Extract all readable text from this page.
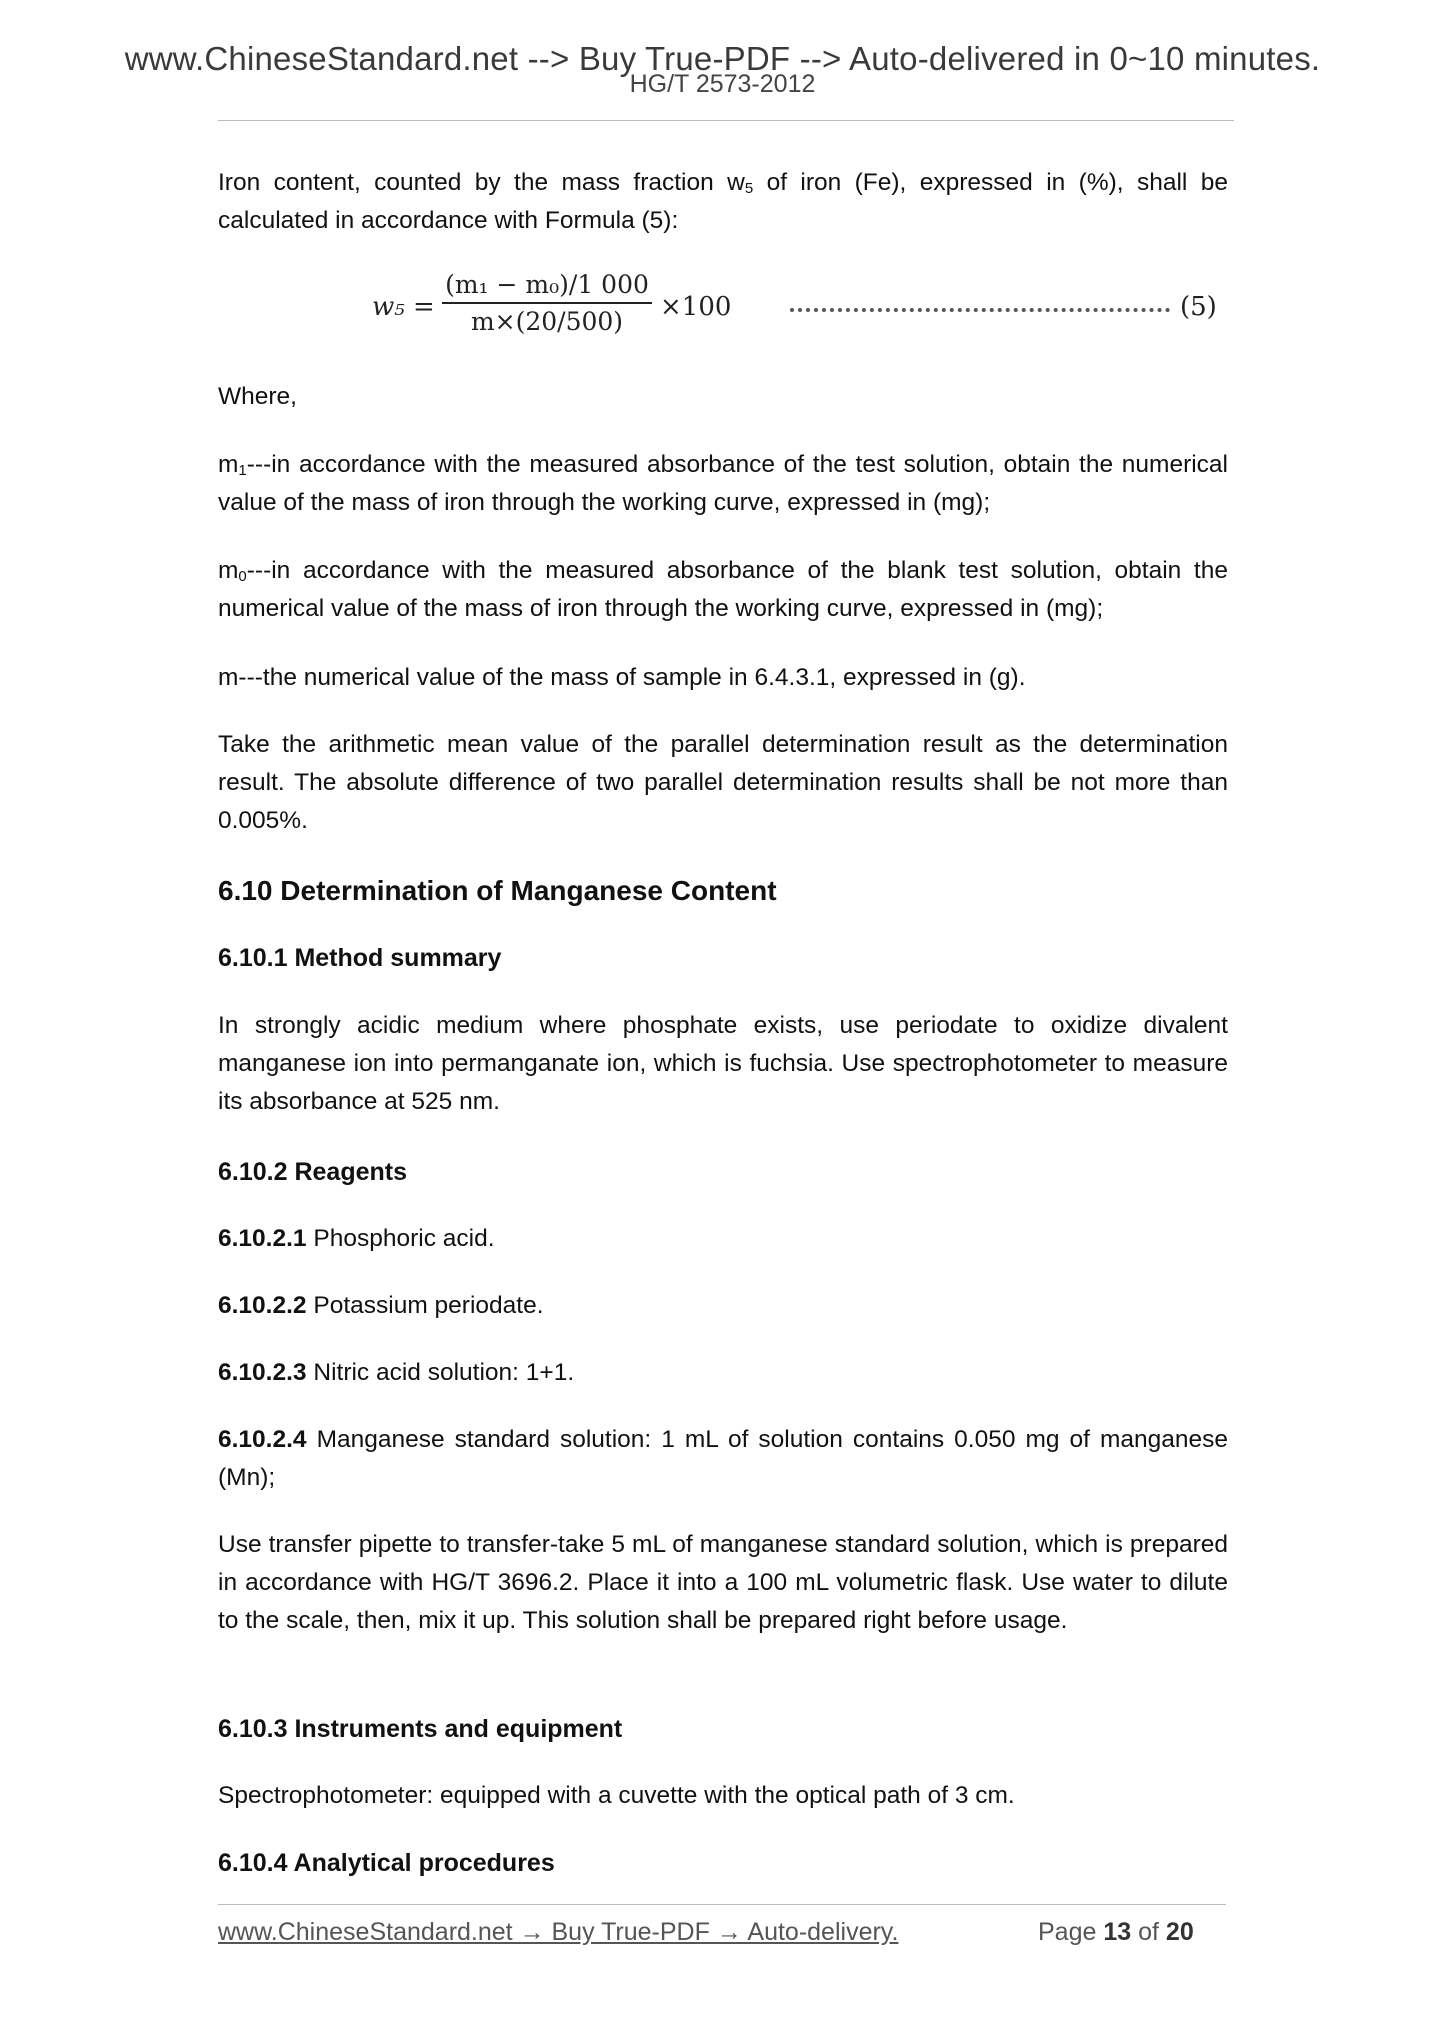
www.ChineseStandard.net --> Buy True-PDF --> Auto-delivered in 0~10 minutes.
HG/T 2573-2012

Iron content, counted by the mass fraction $w_5$ of iron (Fe), expressed in (%), shall be calculated in accordance with Formula (5):

w₅ =
(m₁ − m₀)/1 000
m×(20/500)	×100	(5)

Where,

$m_1---in$ accordance with the measured absorbance of the test solution, obtain the numerical value of the mass of iron through the working curve, expressed in (mg);

$m_0---in$ accordance with the measured absorbance of the blank test solution, obtain the numerical value of the mass of iron through the working curve, expressed in (mg);

m---the numerical value of the mass of sample in 6.4.3.1, expressed in (g).

Take the arithmetic mean value of the parallel determination result as the determination result. The absolute difference of two parallel determination results shall be not more than 0.005%.

6.10 Determination of Manganese Content

6.10.1 Method summary

In strongly acidic medium where phosphate exists, use periodate to oxidize divalent manganese ion into permanganate ion, which is fuchsia. Use spectrophotometer to measure its absorbance at 525 nm.

6.10.2 Reagents

6.10.2.1 Phosphoric acid.

6.10.2.2 Potassium periodate.

6.10.2.3 Nitric acid solution: 1+1.

6.10.2.4 Manganese standard solution: 1 mL of solution contains 0.050 mg of manganese (Mn);

Use transfer pipette to transfer-take 5 mL of manganese standard solution, which is prepared in accordance with HG/T 3696.2. Place it into a 100 mL volumetric flask. Use water to dilute to the scale, then, mix it up. This solution shall be prepared right before usage.

6.10.3 Instruments and equipment

Spectrophotometer: equipped with a cuvette with the optical path of 3 cm.

6.10.4 Analytical procedures

www.ChineseStandard.net → Buy True-PDF → Auto-delivery.	Page 13 of 20
